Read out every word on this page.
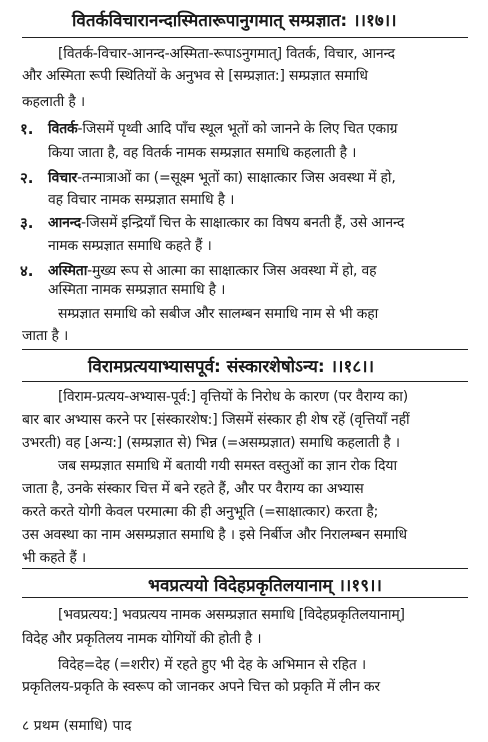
वितर्कविचारानन्दास्मितारूपानुगमात् सम्प्रज्ञात: ।।१७।।
[वितर्क-विचार-आनन्द-अस्मिता-रूपाऽनुगमात्] वितर्क, विचार, आनन्द
और अस्मिता रूपी स्थितियों के अनुभव से [सम्प्रज्ञात:] सम्प्रज्ञात समाधि
कहलाती है ।
१. वितर्क-जिसमें पृथ्वी आदि पाँच स्थूल भूतों को जानने के लिए चित एकाग्र
किया जाता है, वह वितर्क नामक सम्प्रज्ञात समाधि कहलाती है ।
२. विचार-तन्मात्राओं का (=सूक्ष्म भूतों का) साक्षात्कार जिस अवस्था में हो,
वह विचार नामक सम्प्रज्ञात समाधि है ।
३. आनन्द-जिसमें इन्द्रियाँ चित्त के साक्षात्कार का विषय बनती हैं, उसे आनन्द
नामक सम्प्रज्ञात समाधि कहते हैं ।
४. अस्मिता-मुख्य रूप से आत्मा का साक्षात्कार जिस अवस्था में हो, वह
अस्मिता नामक सम्प्रज्ञात समाधि है ।
सम्प्रज्ञात समाधि को सबीज और सालम्बन समाधि नाम से भी कहा
जाता है ।
विरामप्रत्ययाभ्यासपूर्व: संस्कारशेषोऽन्य: ।।१८।।
[विराम-प्रत्यय-अभ्यास-पूर्व:] वृत्तियों के निरोध के कारण (पर वैराग्य का)
बार बार अभ्यास करने पर [संस्कारशेष:] जिसमें संस्कार ही शेष रहें (वृत्तियाँ नहीं
उभरती) वह [अन्य:] (सम्प्रज्ञात से) भिन्न (=असम्प्रज्ञात) समाधि कहलाती है ।
जब सम्प्रज्ञात समाधि में बतायी गयी समस्त वस्तुओं का ज्ञान रोक दिया
जाता है, उनके संस्कार चित्त में बने रहते हैं, और पर वैराग्य का अभ्यास
करते करते योगी केवल परमात्मा की ही अनुभूति (=साक्षात्कार) करता है;
उस अवस्था का नाम असम्प्रज्ञात समाधि है । इसे निर्बीज और निरालम्बन समाधि
भी कहते हैं ।
भवप्रत्ययो विदेहप्रकृतिलयानाम् ।।१९।।
[भवप्रत्यय:] भवप्रत्यय नामक असम्प्रज्ञात समाधि [विदेहप्रकृतिलयानाम्]
विदेह और प्रकृतिलय नामक योगियों की होती है ।
विदेह=देह (=शरीर) में रहते हुए भी देह के अभिमान से रहित ।
प्रकृतिलय-प्रकृति के स्वरूप को जानकर अपने चित्त को प्रकृति में लीन कर
८ प्रथम (समाधि) पाद
